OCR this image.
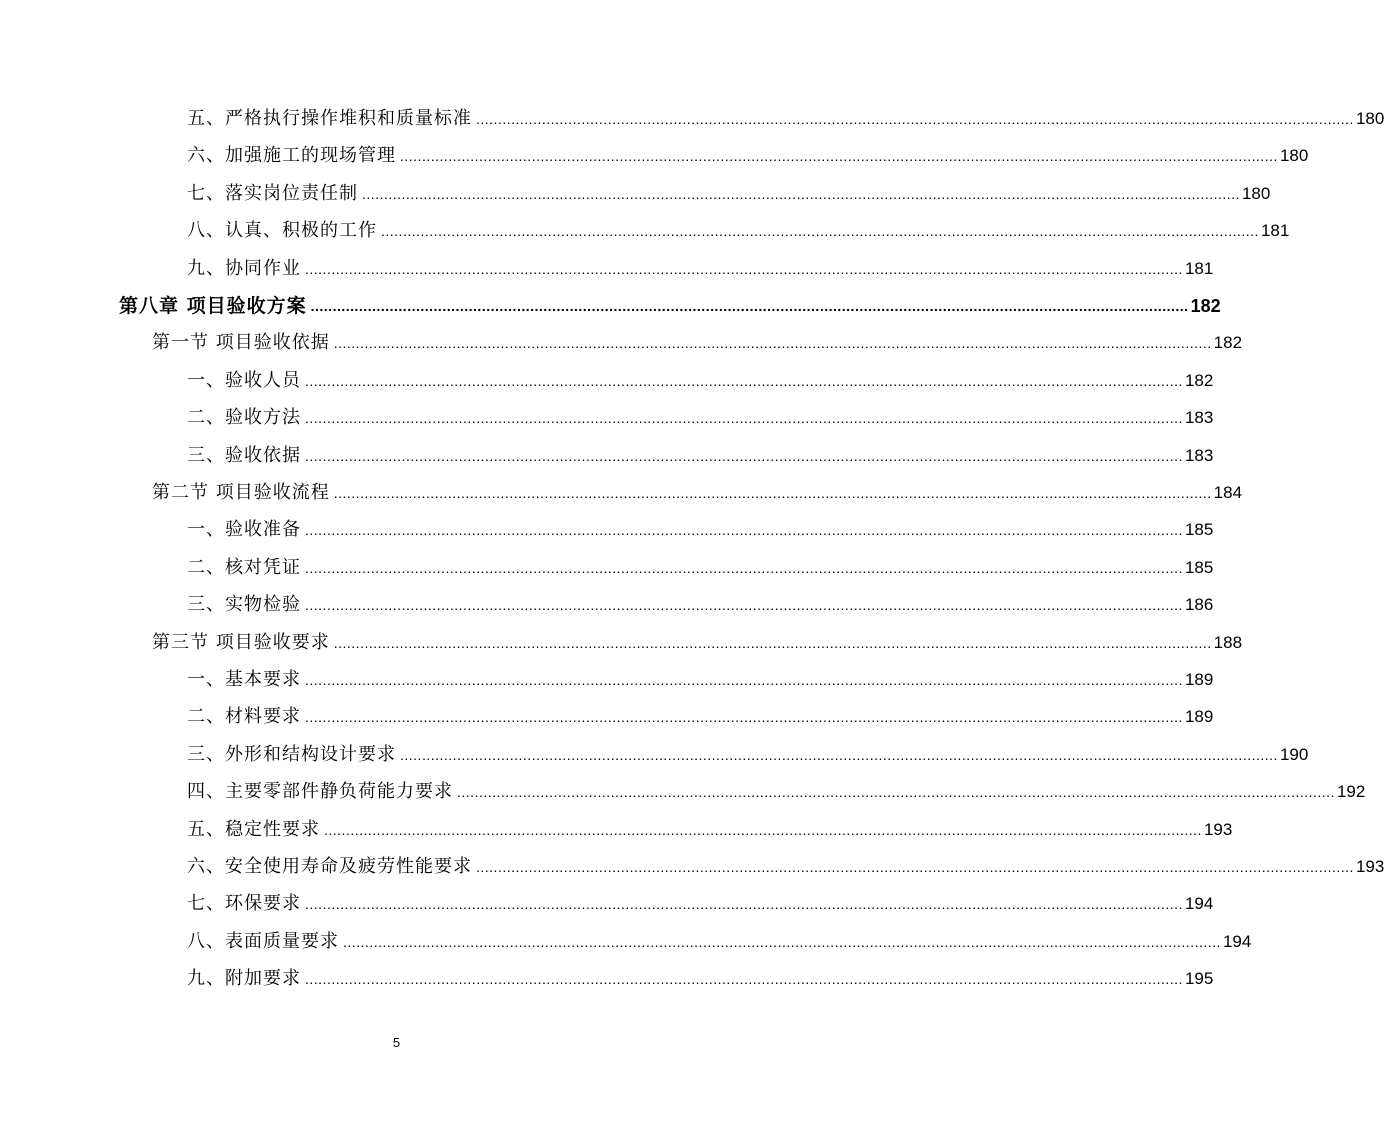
五、严格执行操作堆积和质量标准 ........................................................................................................................................................................................................ 180
六、加强施工的现场管理 ........................................................................................................................................................................................................ 180
七、落实岗位责任制 ........................................................................................................................................................................................................ 180
八、认真、积极的工作 ........................................................................................................................................................................................................ 181
九、协同作业 ........................................................................................................................................................................................................ 181
第八章 项目验收方案 ........................................................................................................................................................................................................ 182
第一节 项目验收依据 ........................................................................................................................................................................................................ 182
一、验收人员 ........................................................................................................................................................................................................ 182
二、验收方法 ........................................................................................................................................................................................................ 183
三、验收依据 ........................................................................................................................................................................................................ 183
第二节 项目验收流程 ........................................................................................................................................................................................................ 184
一、验收准备 ........................................................................................................................................................................................................ 185
二、核对凭证 ........................................................................................................................................................................................................ 185
三、实物检验 ........................................................................................................................................................................................................ 186
第三节 项目验收要求 ........................................................................................................................................................................................................ 188
一、基本要求 ........................................................................................................................................................................................................ 189
二、材料要求 ........................................................................................................................................................................................................ 189
三、外形和结构设计要求 ........................................................................................................................................................................................................ 190
四、主要零部件静负荷能力要求 ........................................................................................................................................................................................................ 192
五、稳定性要求 ........................................................................................................................................................................................................ 193
六、安全使用寿命及疲劳性能要求 ........................................................................................................................................................................................................ 193
七、环保要求 ........................................................................................................................................................................................................ 194
八、表面质量要求 ........................................................................................................................................................................................................ 194
九、附加要求 ........................................................................................................................................................................................................ 195
5
